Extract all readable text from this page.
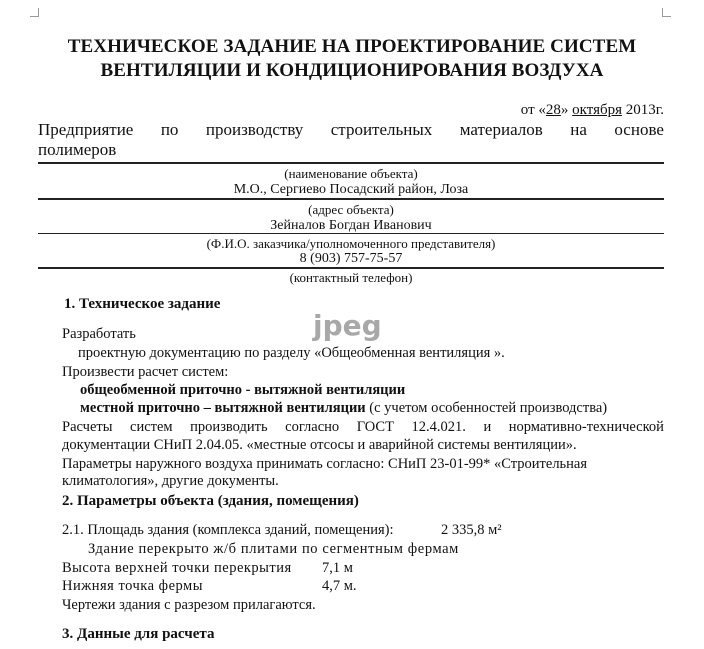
ТЕХНИЧЕСКОЕ ЗАДАНИЕ НА ПРОЕКТИРОВАНИЕ СИСТЕМ
ВЕНТИЛЯЦИИ И КОНДИЦИОНИРОВАНИЯ ВОЗДУХА
от «28» октября 2013г.
Предприятие по производству строительных материалов на основе
полимеров
(наименование объекта)
М.О., Сергиево Посадский район, Лоза
(адрес объекта)
Зейналов Богдан Иванович
(Ф.И.О. заказчика/уполномоченного представителя)
8 (903) 757-75-57
(контактный телефон)
1. Техническое задание
jpeg
Разработать
проектную документацию по разделу «Общеобменная вентиляция ».
Произвести расчет систем:
общеобменной приточно - вытяжной вентиляции
местной приточно – вытяжной вентиляции (с учетом особенностей производства)
Расчеты систем производить согласно ГОСТ 12.4.021. и нормативно-технической
документации СНиП 2.04.05. «местные отсосы и аварийной системы вентиляции».
Параметры наружного воздуха принимать согласно: СНиП 23-01-99* «Строительная
климатология», другие документы.
2. Параметры объекта (здания, помещения)
2.1. Площадь здания (комплекса зданий, помещения):	2 335,8 м²
Здание перекрыто ж/б плитами по сегментным фермам
Высота верхней точки перекрытия 7,1 м
Нижняя точка фермы	4,7 м.
Чертежи здания с разрезом прилагаются.
3. Данные для расчета
